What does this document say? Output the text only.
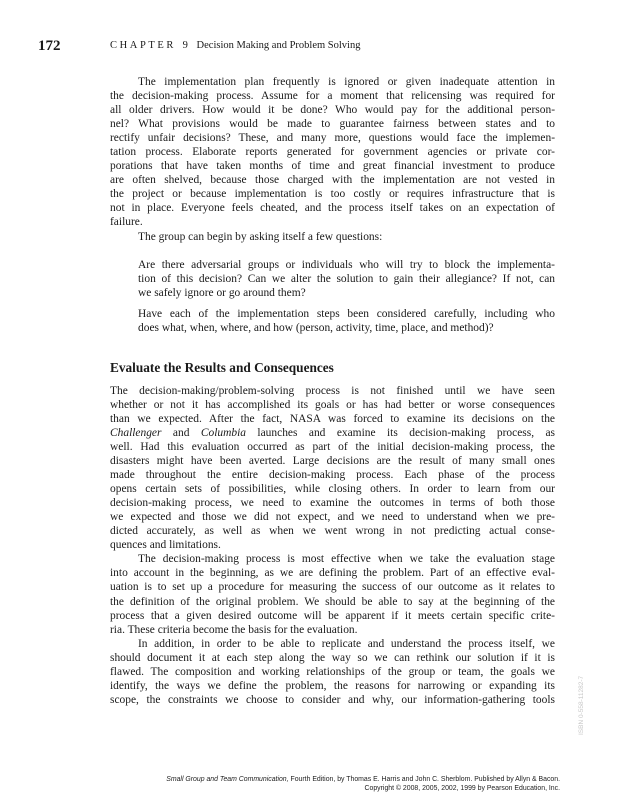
172	CHAPTER 9 Decision Making and Problem Solving
The implementation plan frequently is ignored or given inadequate attention in
the decision-making process. Assume for a moment that relicensing was required for
all older drivers. How would it be done? Who would pay for the additional person-
nel? What provisions would be made to guarantee fairness between states and to
rectify unfair decisions? These, and many more, questions would face the implemen-
tation process. Elaborate reports generated for government agencies or private cor-
porations that have taken months of time and great financial investment to produce
are often shelved, because those charged with the implementation are not vested in
the project or because implementation is too costly or requires infrastructure that is
not in place. Everyone feels cheated, and the process itself takes on an expectation of
failure.
The group can begin by asking itself a few questions:
Are there adversarial groups or individuals who will try to block the implementa-
tion of this decision? Can we alter the solution to gain their allegiance? If not, can
we safely ignore or go around them?
Have each of the implementation steps been considered carefully, including who
does what, when, where, and how (person, activity, time, place, and method)?
Evaluate the Results and Consequences
The decision-making/problem-solving process is not finished until we have seen
whether or not it has accomplished its goals or has had better or worse consequences
than we expected. After the fact, NASA was forced to examine its decisions on the
Challenger and Columbia launches and examine its decision-making process, as
well. Had this evaluation occurred as part of the initial decision-making process, the
disasters might have been averted. Large decisions are the result of many small ones
made throughout the entire decision-making process. Each phase of the process
opens certain sets of possibilities, while closing others. In order to learn from our
decision-making process, we need to examine the outcomes in terms of both those
we expected and those we did not expect, and we need to understand when we pre-
dicted accurately, as well as when we went wrong in not predicting actual conse-
quences and limitations.
The decision-making process is most effective when we take the evaluation stage
into account in the beginning, as we are defining the problem. Part of an effective eval-
uation is to set up a procedure for measuring the success of our outcome as it relates to
the definition of the original problem. We should be able to say at the beginning of the
process that a given desired outcome will be apparent if it meets certain specific crite-
ria. These criteria become the basis for the evaluation.
In addition, in order to be able to replicate and understand the process itself, we
should document it at each step along the way so we can rethink our solution if it is
flawed. The composition and working relationships of the group or team, the goals we
identify, the ways we define the problem, the reasons for narrowing or expanding its
scope, the constraints we choose to consider and why, our information-gathering tools	ISBN 0-558-11282-7
Small Group and Team Communication, Fourth Edition, by Thomas E. Harris and John C. Sherblom. Published by Allyn & Bacon.
Copyright © 2008, 2005, 2002, 1999 by Pearson Education, Inc.
